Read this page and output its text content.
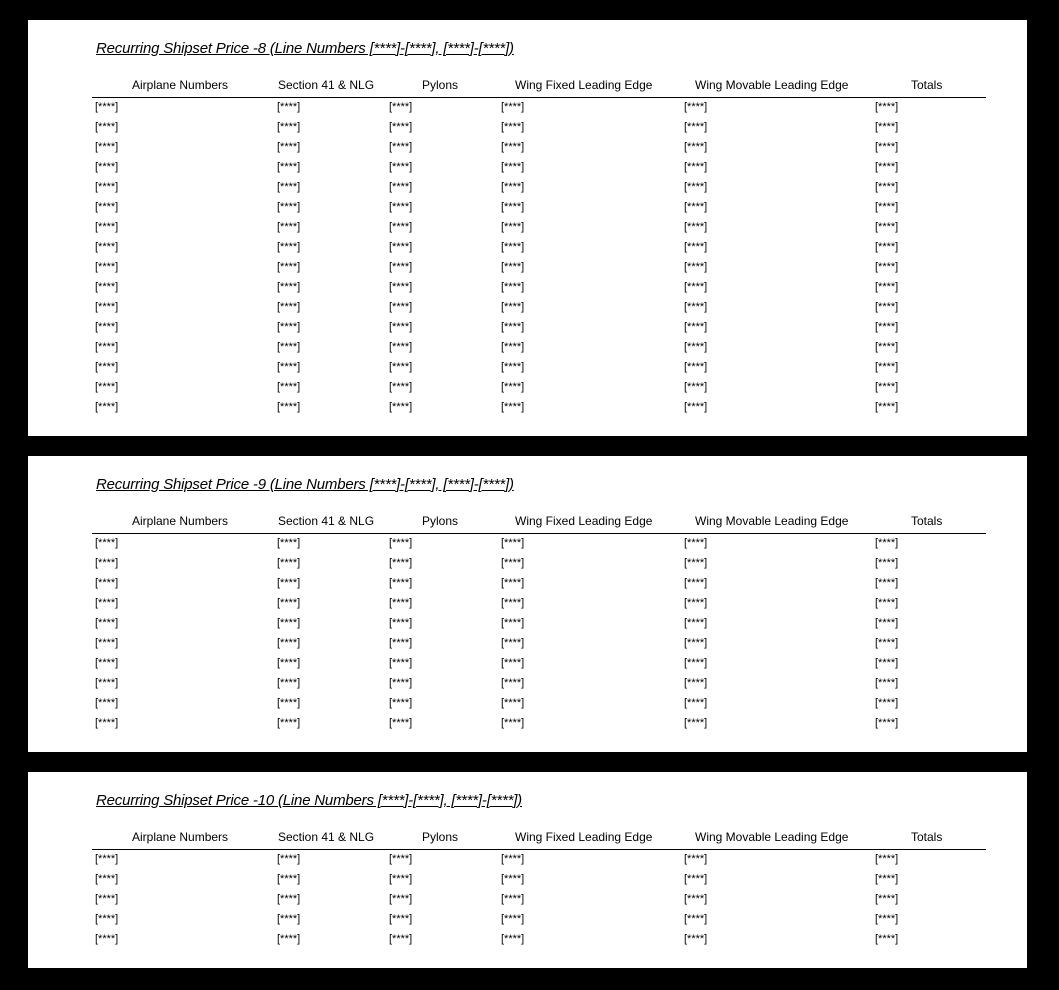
Recurring Shipset Price -8 (Line Numbers [****]-[****], [****]-[****])
Airplane Numbers	Section 41 & NLG	Pylons	Wing Fixed Leading Edge	Wing Movable Leading Edge	Totals
[****]	[****]	[****]	[****]	[****]	[****]
[****]	[****]	[****]	[****]	[****]	[****]
[****]	[****]	[****]	[****]	[****]	[****]
[****]	[****]	[****]	[****]	[****]	[****]
[****]	[****]	[****]	[****]	[****]	[****]
[****]	[****]	[****]	[****]	[****]	[****]
[****]	[****]	[****]	[****]	[****]	[****]
[****]	[****]	[****]	[****]	[****]	[****]
[****]	[****]	[****]	[****]	[****]	[****]
[****]	[****]	[****]	[****]	[****]	[****]
[****]	[****]	[****]	[****]	[****]	[****]
[****]	[****]	[****]	[****]	[****]	[****]
[****]	[****]	[****]	[****]	[****]	[****]
[****]	[****]	[****]	[****]	[****]	[****]
[****]	[****]	[****]	[****]	[****]	[****]
[****]	[****]	[****]	[****]	[****]	[****]
Recurring Shipset Price -9 (Line Numbers [****]-[****], [****]-[****])
Airplane Numbers	Section 41 & NLG	Pylons	Wing Fixed Leading Edge	Wing Movable Leading Edge	Totals
[****]	[****]	[****]	[****]	[****]	[****]
[****]	[****]	[****]	[****]	[****]	[****]
[****]	[****]	[****]	[****]	[****]	[****]
[****]	[****]	[****]	[****]	[****]	[****]
[****]	[****]	[****]	[****]	[****]	[****]
[****]	[****]	[****]	[****]	[****]	[****]
[****]	[****]	[****]	[****]	[****]	[****]
[****]	[****]	[****]	[****]	[****]	[****]
[****]	[****]	[****]	[****]	[****]	[****]
[****]	[****]	[****]	[****]	[****]	[****]
Recurring Shipset Price -10 (Line Numbers [****]-[****], [****]-[****])
Airplane Numbers	Section 41 & NLG	Pylons	Wing Fixed Leading Edge	Wing Movable Leading Edge	Totals
[****]	[****]	[****]	[****]	[****]	[****]
[****]	[****]	[****]	[****]	[****]	[****]
[****]	[****]	[****]	[****]	[****]	[****]
[****]	[****]	[****]	[****]	[****]	[****]
[****]	[****]	[****]	[****]	[****]	[****]
